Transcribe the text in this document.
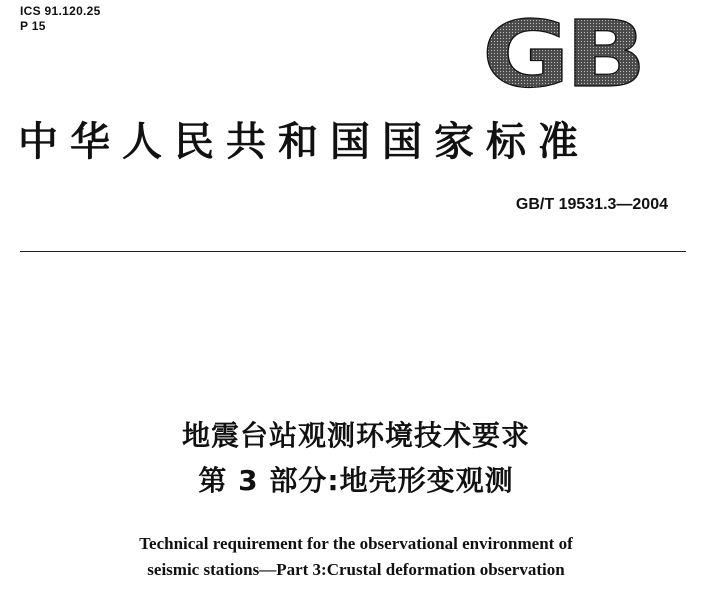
ICS 91.120.25
P 15	GB
中华人民共和国国家标准
GB/T 19531.3—2004
地震台站观测环境技术要求
第 3 部分:地壳形变观测
Technical requirement for the observational environment of
seismic stations—Part 3:Crustal deformation observation
